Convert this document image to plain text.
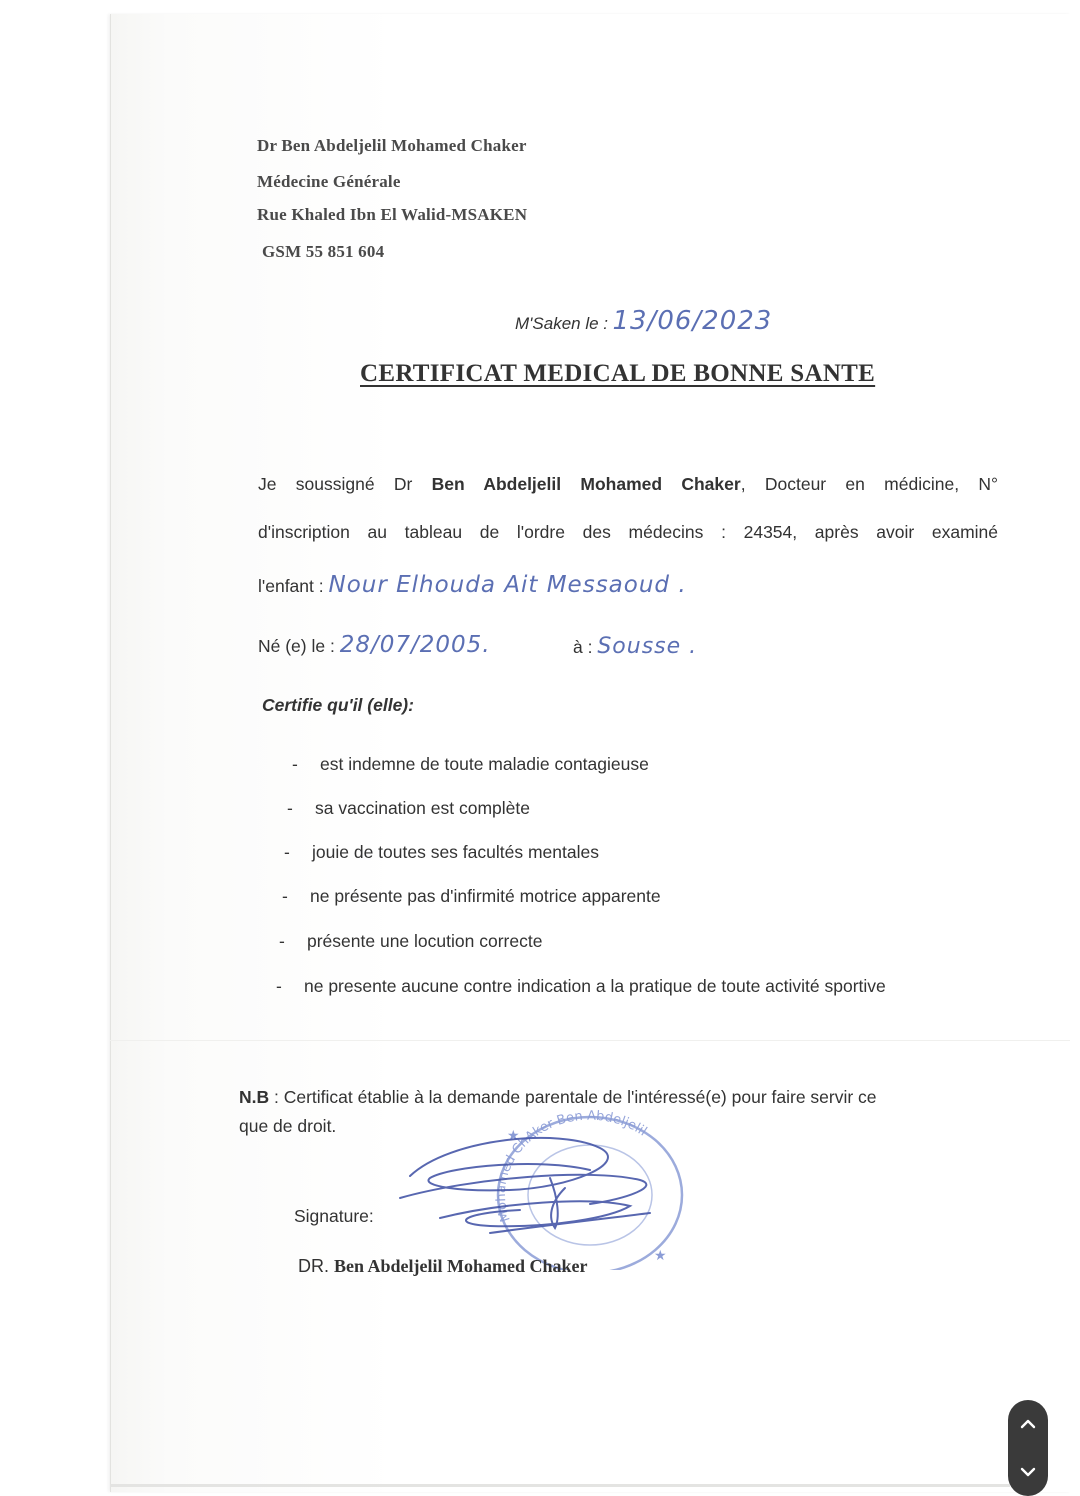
Dr Ben Abdeljelil Mohamed Chaker
Médecine Générale
Rue Khaled Ibn El Walid-MSAKEN
GSM 55 851 604
M'Saken le : 13/06/2023
CERTIFICAT MEDICAL DE BONNE SANTE
Je soussigné Dr Ben Abdeljelil Mohamed Chaker, Docteur en médicine, N°
d'inscription au tableau de l'ordre des médecins : 24354, après avoir examiné
l'enfant : Nour Elhouda Ait Messaoud .
Né (e) le : 28/07/2005.	à : Sousse .
Certifie qu'il (elle):
- est indemne de toute maladie contagieuse
- sa vaccination est complète
- jouie de toutes ses facultés mentales
- ne présente pas d'infirmité motrice apparente
- présente une locution correcte
- ne presente aucune contre indication a la pratique de toute activité sportive
N.B : Certificat établie à la demande parentale de l'intéressé(e) pour faire servir ce
que de droit.
Mohamed ChAker Ben Abdeljelil
★
★
Signature:
DR. Ben Abdeljelil Mohamed Chaker
